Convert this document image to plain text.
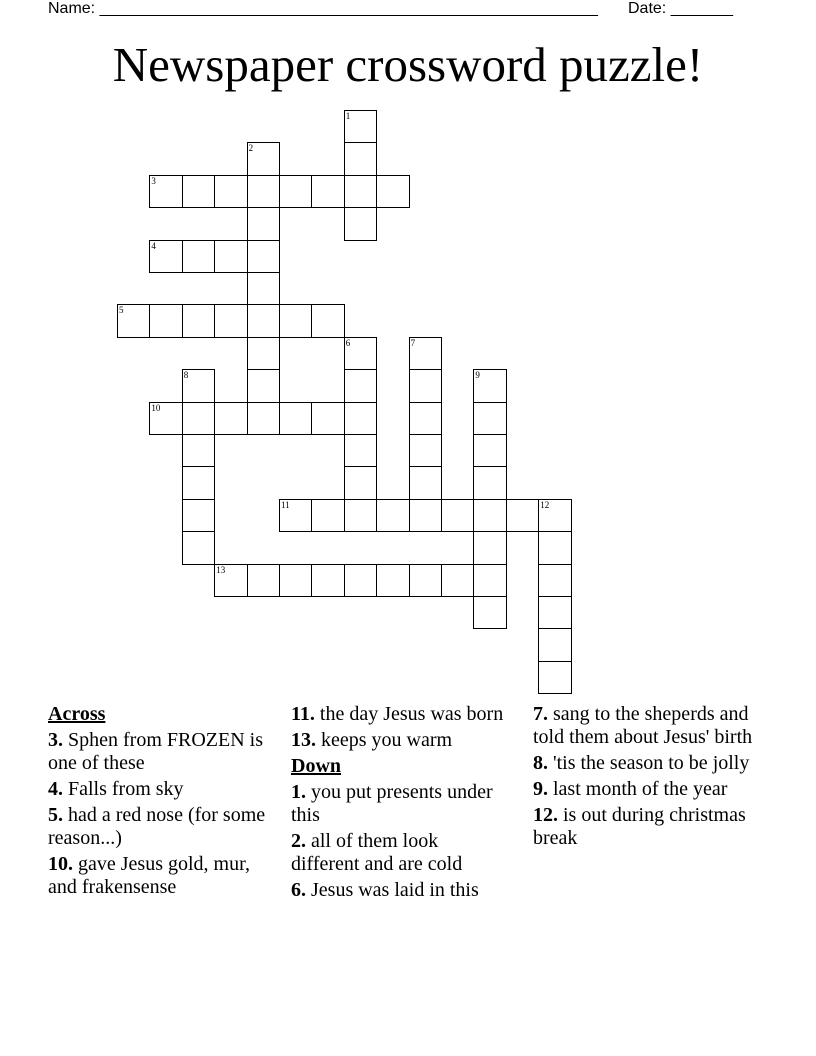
Name: ________________________________________________________ Date: _______
Newspaper crossword puzzle!
1
2
3
4
5
6	7
8	9
10
11	12
13
Across
3. Sphen from FROZEN is one of these
4. Falls from sky
5. had a red nose (for some reason...)
10. gave Jesus gold, mur, and frakensense
11. the day Jesus was born
13. keeps you warm
Down
1. you put presents under this
2. all of them look different and are cold
6. Jesus was laid in this
7. sang to the sheperds and told them about Jesus' birth
8. 'tis the season to be jolly
9. last month of the year
12. is out during christmas break
